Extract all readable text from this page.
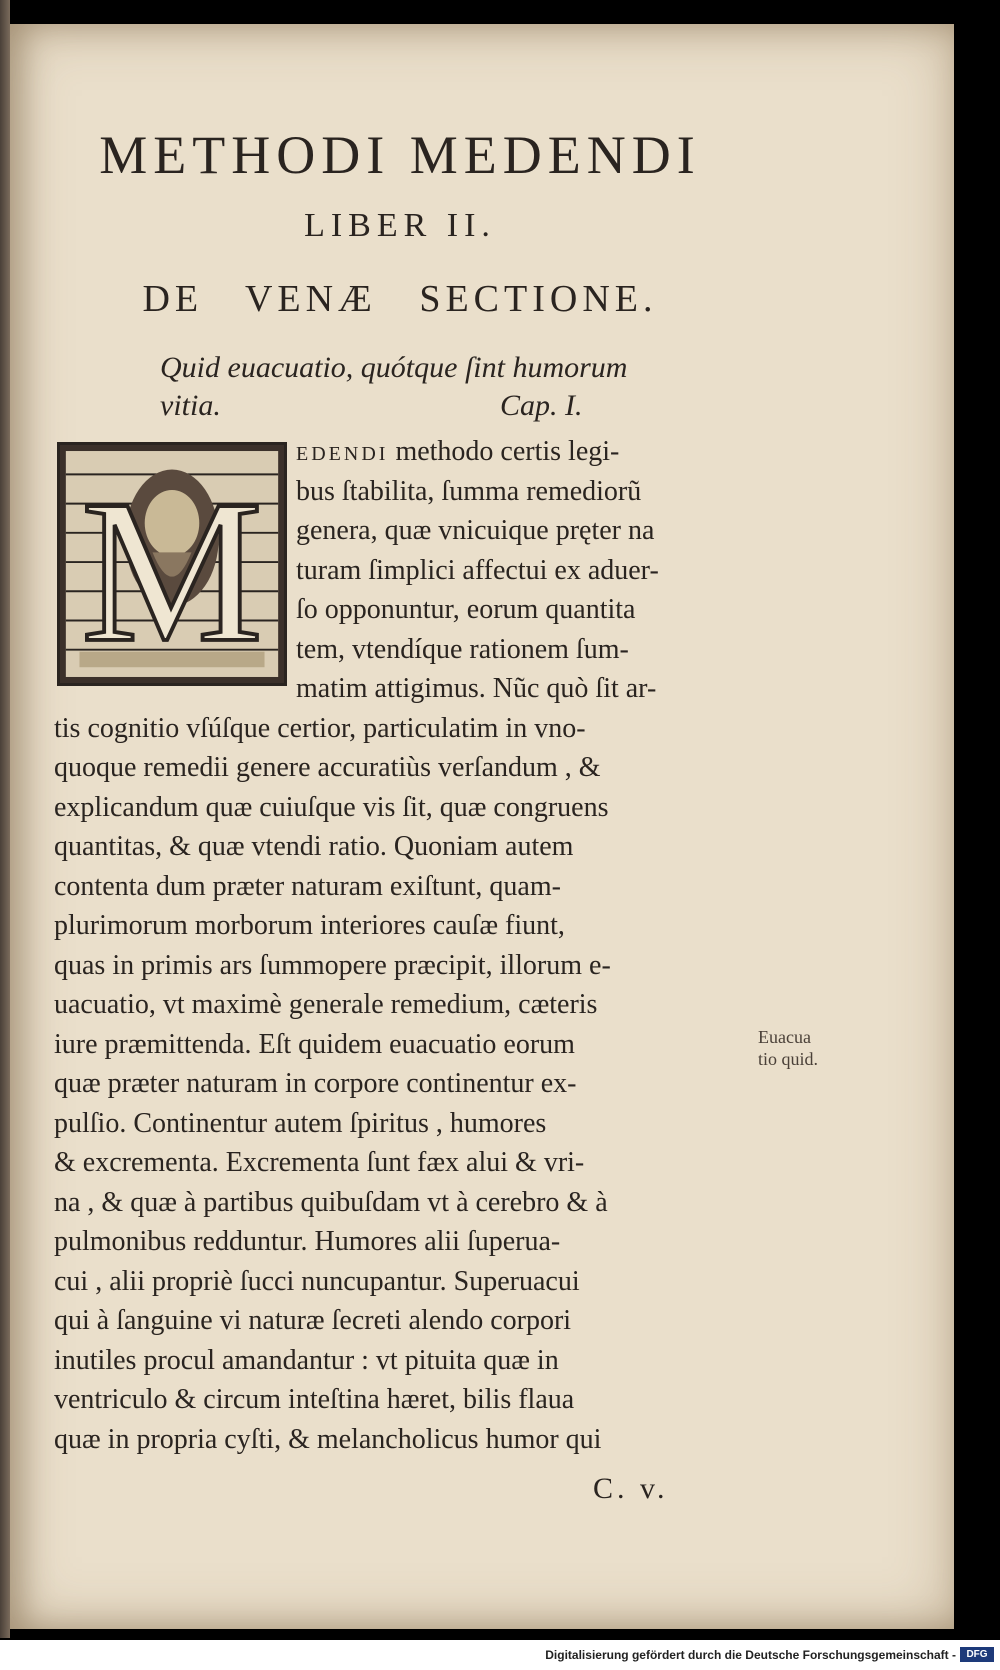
METHODI MEDENDI
LIBER II.
DE VENÆ SECTIONE.
Quid euacuatio, quótque ſint humorum
vitia.	Cap. I.
M
EDENDI methodo certis legi-
bus ſtabilita, ſumma remediorũ
genera, quæ vnicuique pręter na
turam ſimplici affectui ex aduer-
ſo opponuntur, eorum quantita
tem, vtendíque rationem ſum-
matim attigimus. Nũc quò ſit ar-
tis cognitio vſúſque certior, particulatim in vno-
quoque remedii genere accuratiùs verſandum , &
explicandum quæ cuiuſque vis ſit, quæ congruens
quantitas, & quæ vtendi ratio. Quoniam autem
contenta dum præter naturam exiſtunt, quam-
plurimorum morborum interiores cauſæ fiunt,
quas in primis ars ſummopere præcipit, illorum e-
uacuatio, vt maximè generale remedium, cæteris
iure præmittenda. Eſt quidem euacuatio eorum
quæ præter naturam in corpore continentur ex-
pulſio. Continentur autem ſpiritus , humores
& excrementa. Excrementa ſunt fæx alui & vri-
na , & quæ à partibus quibuſdam vt à cerebro & à
pulmonibus redduntur. Humores alii ſuperua-
cui , alii propriè ſucci nuncupantur. Superuacui
qui à ſanguine vi naturæ ſecreti alendo corpori
inutiles procul amandantur : vt pituita quæ in
ventriculo & circum inteſtina hæret, bilis flaua
quæ in propria cyſti, & melancholicus humor qui
Euacua
tio quid.
C. v.
Digitalisierung gefördert durch die Deutsche Forschungsgemeinschaft -	DFG
